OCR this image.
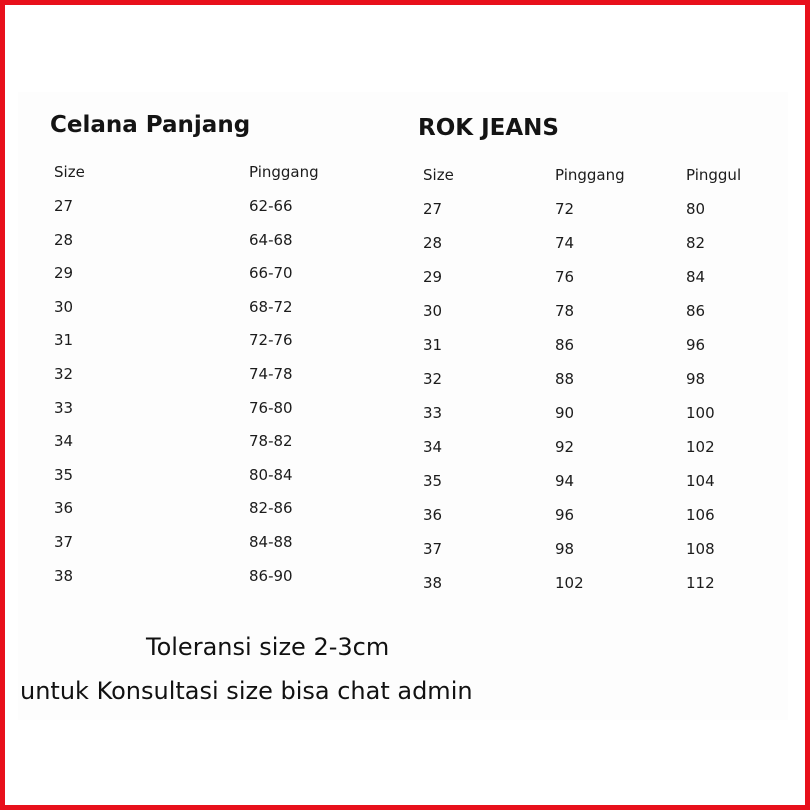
Celana Panjang
Size	Pinggang
27	62-66
28	64-68
29	66-70
30	68-72
31	72-76
32	74-78
33	76-80
34	78-82
35	80-84
36	82-86
37	84-88
38	86-90
ROK JEANS
Size	Pinggang	Pinggul
27	72	80
28	74	82
29	76	84
30	78	86
31	86	96
32	88	98
33	90	100
34	92	102
35	94	104
36	96	106
37	98	108
38	102	112
Toleransi size 2-3cm
untuk Konsultasi size bisa chat admin
